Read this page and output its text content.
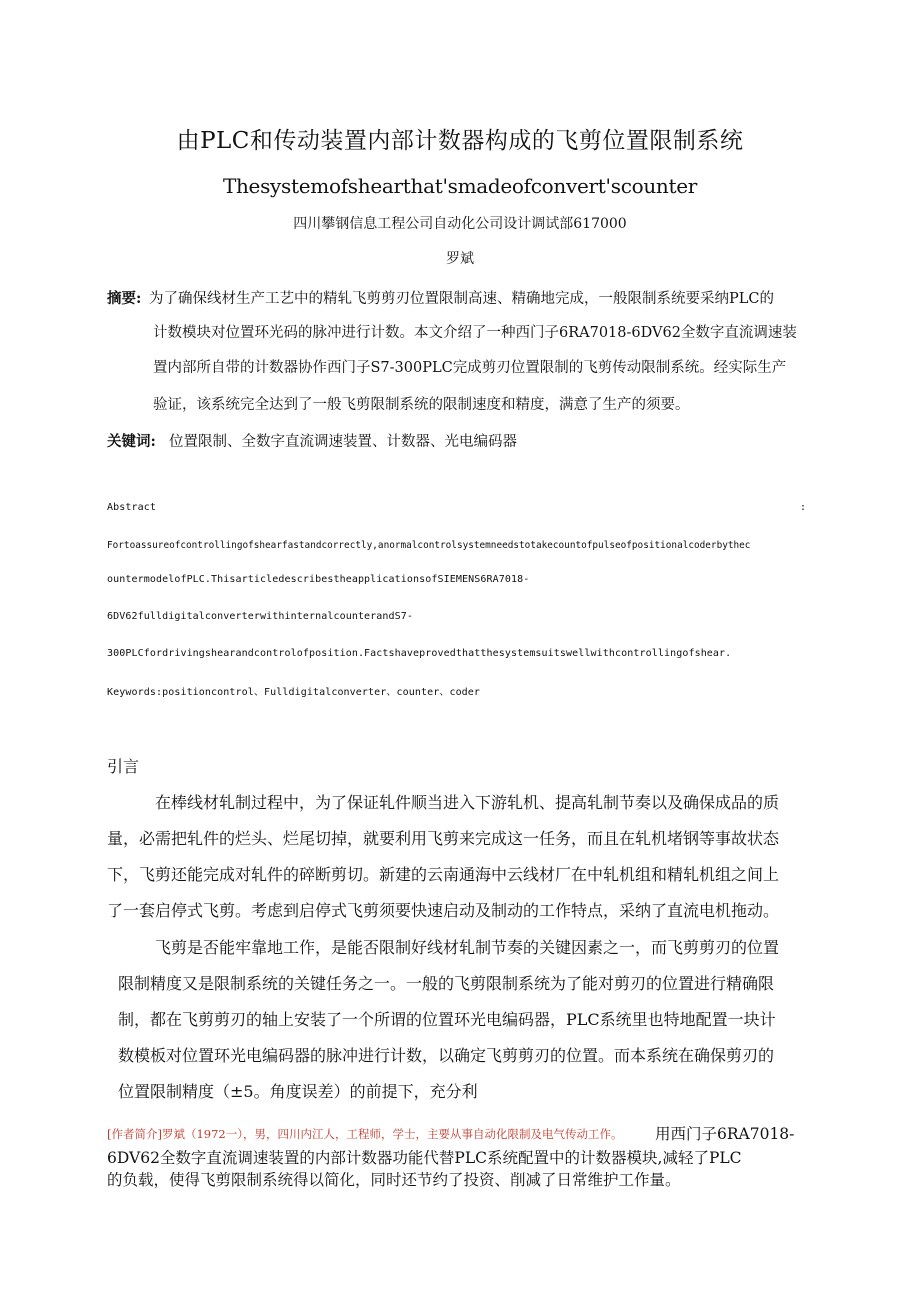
由PLC和传动装置内部计数器构成的飞剪位置限制系统
Thesystemofshearthat'smadeofconvert'scounter
四川攀钢信息工程公司自动化公司设计调试部617000
罗斌
摘要: 为了确保线材生产工艺中的精轧飞剪剪刃位置限制高速、精确地完成，一般限制系统要采纳PLC的
计数模块对位置环光码的脉冲进行计数。本文介绍了一种西门子6RA7018-6DV62全数字直流调速装
置内部所自带的计数器协作西门子S7-300PLC完成剪刃位置限制的飞剪传动限制系统。经实际生产
验证，该系统完全达到了一般飞剪限制系统的限制速度和精度，满意了生产的须要。
关键词: 位置限制、全数字直流调速装置、计数器、光电编码器
Abstract	:
Fortoassureofcontrollingofshearfastandcorrectly,anormalcontrolsystemneedstotakecountofpulseofpositionalcoderbythec
ountermodelofPLC.ThisarticledescribestheapplicationsofSIEMENS6RA7018-
6DV62fulldigitalconverterwithinternalcounterandS7-
300PLCfordrivingshearandcontrolofposition.Factshaveprovedthatthesystemsuitswellwithcontrollingofshear.
Keywords:positioncontrol、Fulldigitalconverter、counter、coder
引言
在棒线材轧制过程中，为了保证轧件顺当进入下游轧机、提高轧制节奏以及确保成品的质
量，必需把轧件的烂头、烂尾切掉，就要利用飞剪来完成这一任务，而且在轧机堵钢等事故状态
下，飞剪还能完成对轧件的碎断剪切。新建的云南通海中云线材厂在中轧机组和精轧机组之间上
了一套启停式飞剪。考虑到启停式飞剪须要快速启动及制动的工作特点，采纳了直流电机拖动。
飞剪是否能牢靠地工作，是能否限制好线材轧制节奏的关键因素之一，而飞剪剪刃的位置
限制精度又是限制系统的关键任务之一。一般的飞剪限制系统为了能对剪刃的位置进行精确限
制，都在飞剪剪刃的轴上安装了一个所谓的位置环光电编码器，PLC系统里也特地配置一块计
数模板对位置环光电编码器的脉冲进行计数，以确定飞剪剪刃的位置。而本系统在确保剪刃的
位置限制精度（±5。角度误差）的前提下，充分利
[作者简介]罗斌（1972一），男，四川内江人，工程师，学士，主要从事自动化限制及电气传动工作。 用西门子6RA7018-
6DV62全数字直流调速装置的内部计数器功能代替PLC系统配置中的计数器模块,减轻了PLC
的负载，使得飞剪限制系统得以简化，同时还节约了投资、削减了日常维护工作量。
